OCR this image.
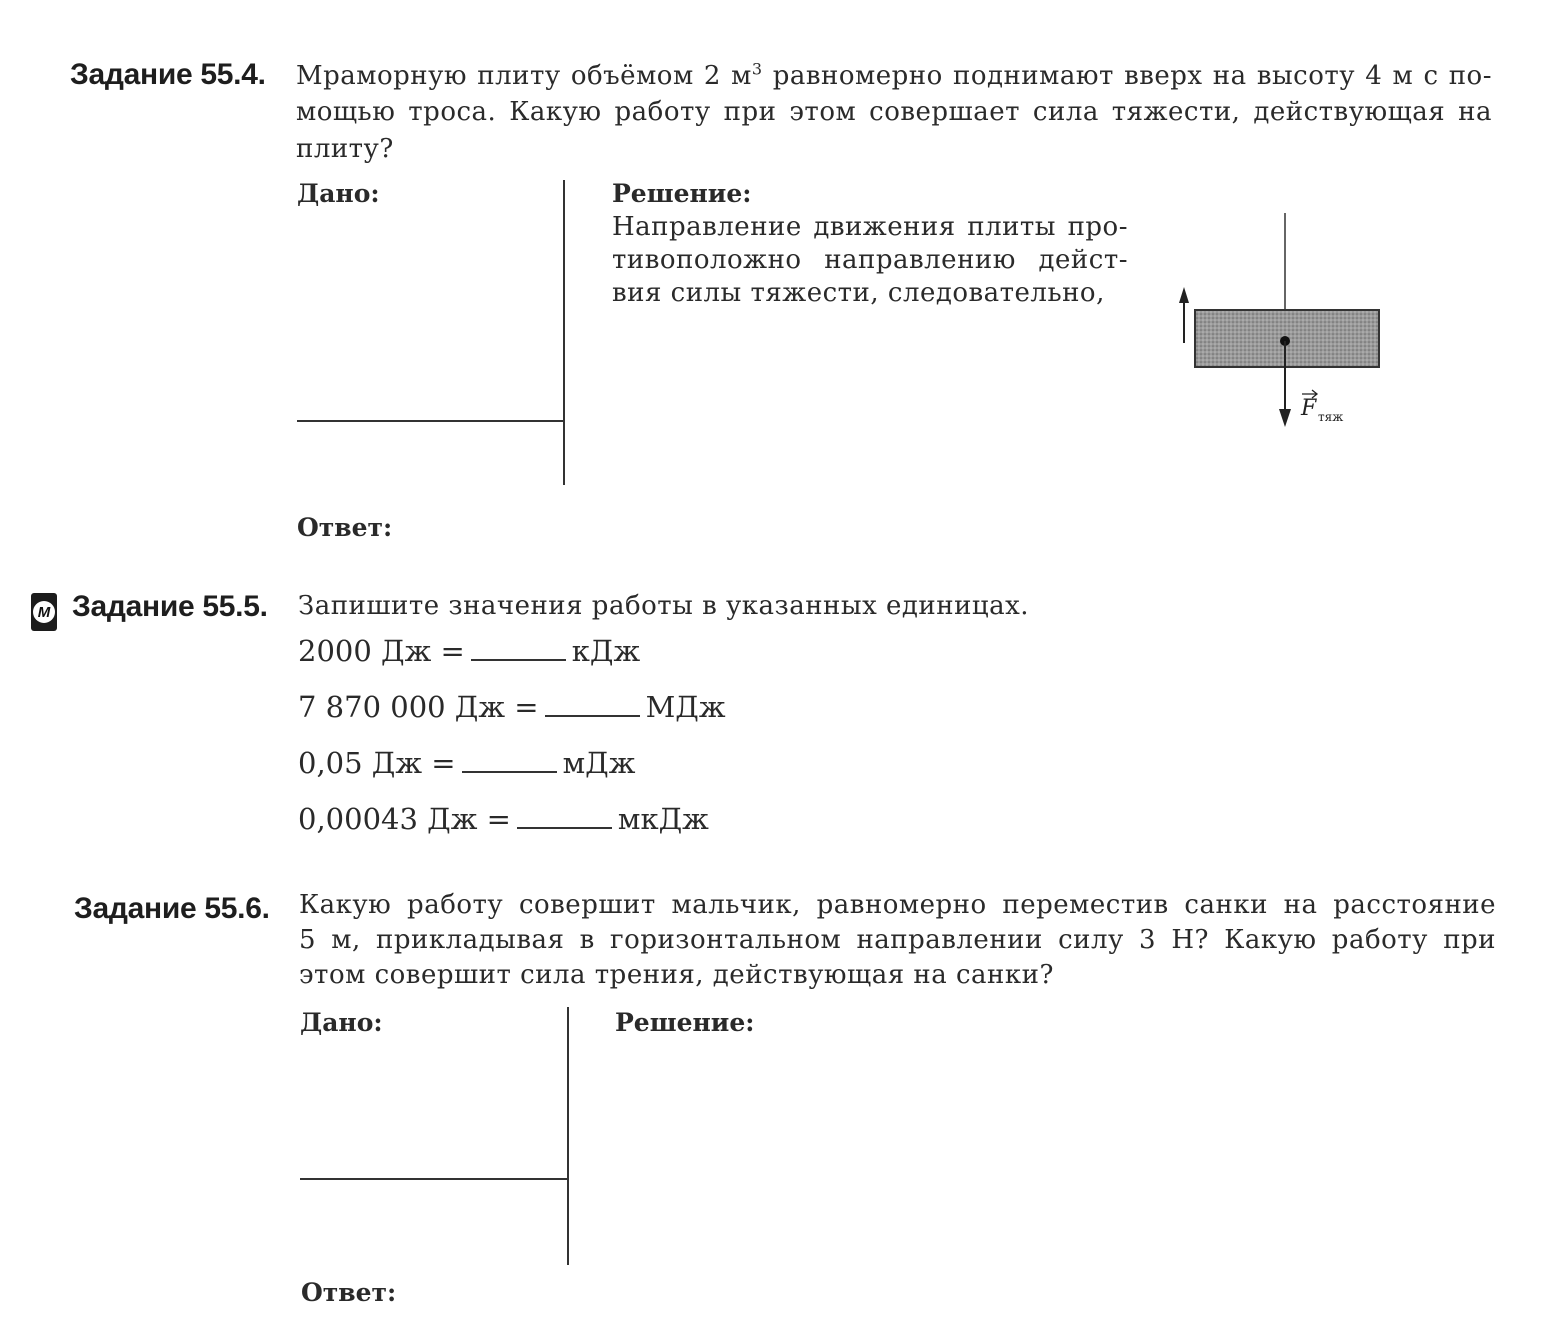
Задание 55.4. Мраморную плиту объёмом 2 $м^3$ равномерно поднимают вверх на высоту 4 м с по-
мощью троса. Какую работу при этом совершает сила тяжести, действующая на
плиту?
Дано:	Решение:
Направление движения плиты про-
тивоположно направлению дейст-
вия силы тяжести, следовательно,
F тяж
Ответ:
M Задание 55.5. Запишите значения работы в указанных единицах.
2000 Дж =	кДж
7 870 000 Дж =	МДж
0,05 Дж =	мДж
0,00043 Дж =	мкДж
Задание 55.6. Какую работу совершит мальчик, равномерно переместив санки на расстояние
5 м, прикладывая в горизонтальном направлении силу 3 Н? Какую работу при
этом совершит сила трения, действующая на санки?
Дано:	Решение:
Ответ:
